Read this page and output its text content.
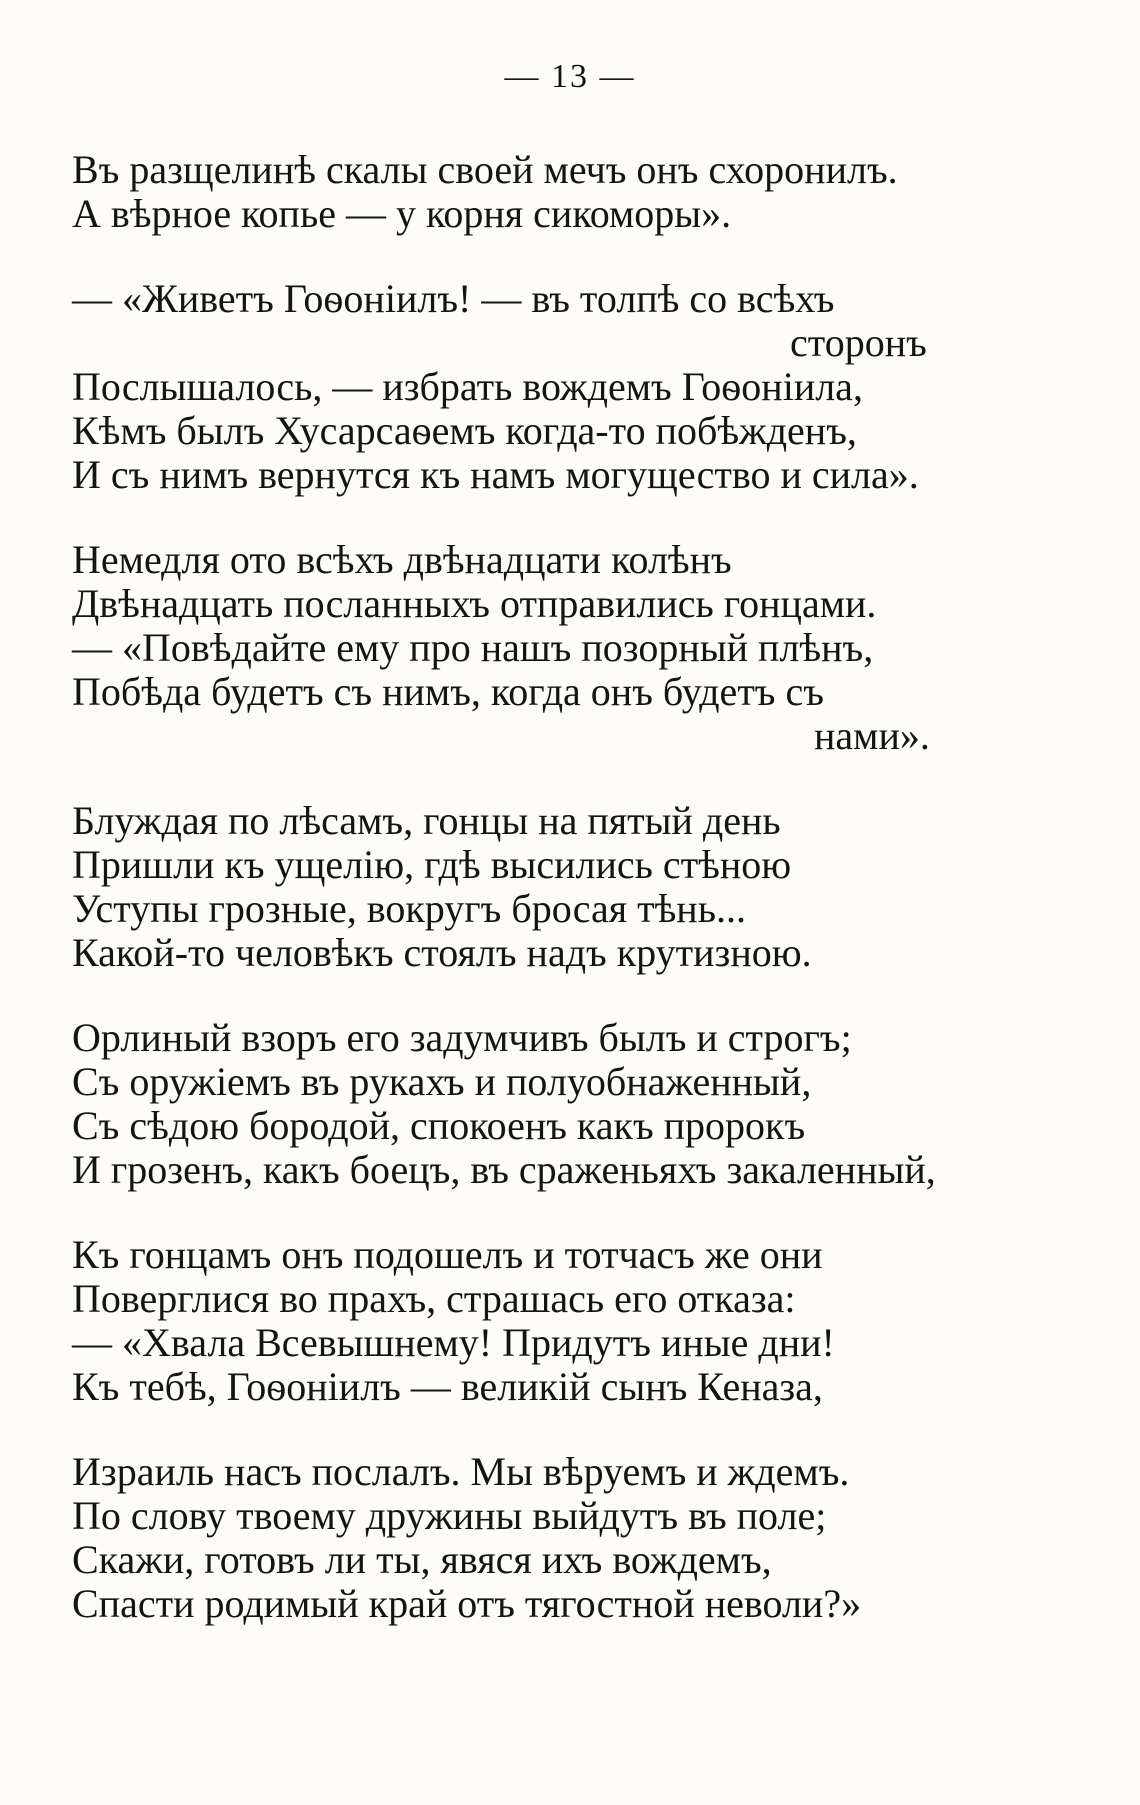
— 13 —
Въ разщелинѣ скалы своей мечъ онъ схоронилъ.
А вѣрное копье — у корня сикоморы».
— «Живетъ Гоѳоніилъ! — въ толпѣ со всѣхъ
сторонъ
Послышалось, — избрать вождемъ Гоѳоніила,
Кѣмъ былъ Хусарсаѳемъ когда-то побѣжденъ,
И съ нимъ вернутся къ намъ могущество и сила».
Немедля ото всѣхъ двѣнадцати колѣнъ
Двѣнадцать посланныхъ отправились гонцами.
— «Повѣдайте ему про нашъ позорный плѣнъ,
Побѣда будетъ съ нимъ, когда онъ будетъ съ
нами».
Блуждая по лѣсамъ, гонцы на пятый день
Пришли къ ущелію, гдѣ высились стѣною
Уступы грозные, вокругъ бросая тѣнь...
Какой-то человѣкъ стоялъ надъ крутизною.
Орлиный взоръ его задумчивъ былъ и строгъ;
Съ оружіемъ въ рукахъ и полуобнаженный,
Съ сѣдою бородой, спокоенъ какъ пророкъ
И грозенъ, какъ боецъ, въ сраженьяхъ закаленный,
Къ гонцамъ онъ подошелъ и тотчасъ же они
Поверглися во прахъ, страшась его отказа:
— «Хвала Всевышнему! Придутъ иные дни!
Къ тебѣ, Гоѳоніилъ — великій сынъ Кеназа,
Израиль насъ послалъ. Мы вѣруемъ и ждемъ.
По слову твоему дружины выйдутъ въ поле;
Скажи, готовъ ли ты, явяся ихъ вождемъ,
Спасти родимый край отъ тягостной неволи?»
